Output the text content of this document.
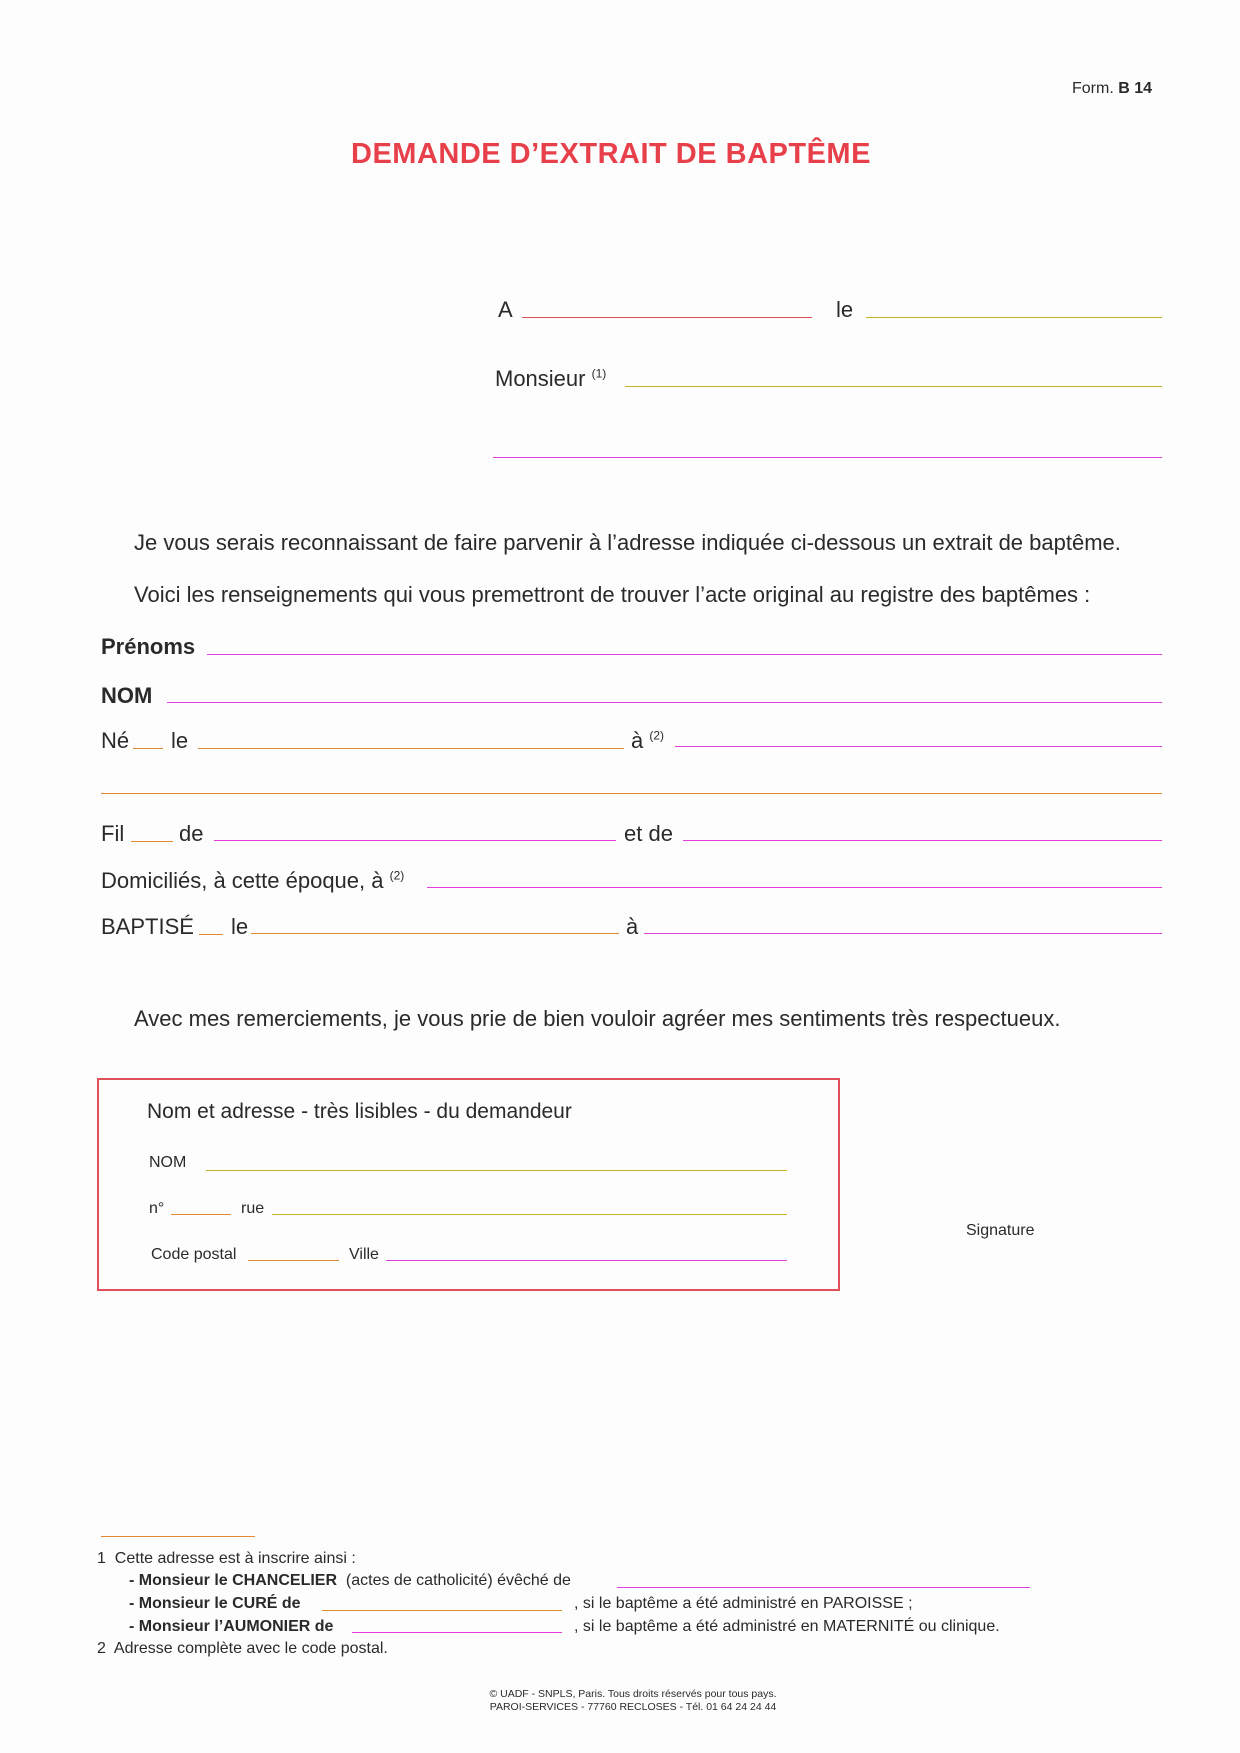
Form. B 14
DEMANDE D’EXTRAIT DE BAPTÊME
A	le
Monsieur $^{(1)}$
Je vous serais reconnaissant de faire parvenir à l’adresse indiquée ci-dessous un extrait de baptême.
Voici les renseignements qui vous premettront de trouver l’acte original au registre des baptêmes :
Prénoms
NOM
Né le	à $^{(2)}$
Fil de	et de
Domiciliés, à cette époque, à $^{(2)}$
BAPTISÉ le	à
Avec mes remerciements, je vous prie de bien vouloir agréer mes sentiments très respectueux.
Nom et adresse - très lisibles - du demandeur
NOM
n°	rue
Code postal	Ville
Signature
1 Cette adresse est à inscrire ainsi :
- Monsieur le CHANCELIER (actes de catholicité) évêché de
- Monsieur le CURÉ de	, si le baptême a été administré en PAROISSE ;
- Monsieur l’AUMONIER de	, si le baptême a été administré en MATERNITÉ ou clinique.
2 Adresse complète avec le code postal.
© UADF - SNPLS, Paris. Tous droits réservés pour tous pays.
PAROI-SERVICES - 77760 RECLOSES - Tél. 01 64 24 24 44
